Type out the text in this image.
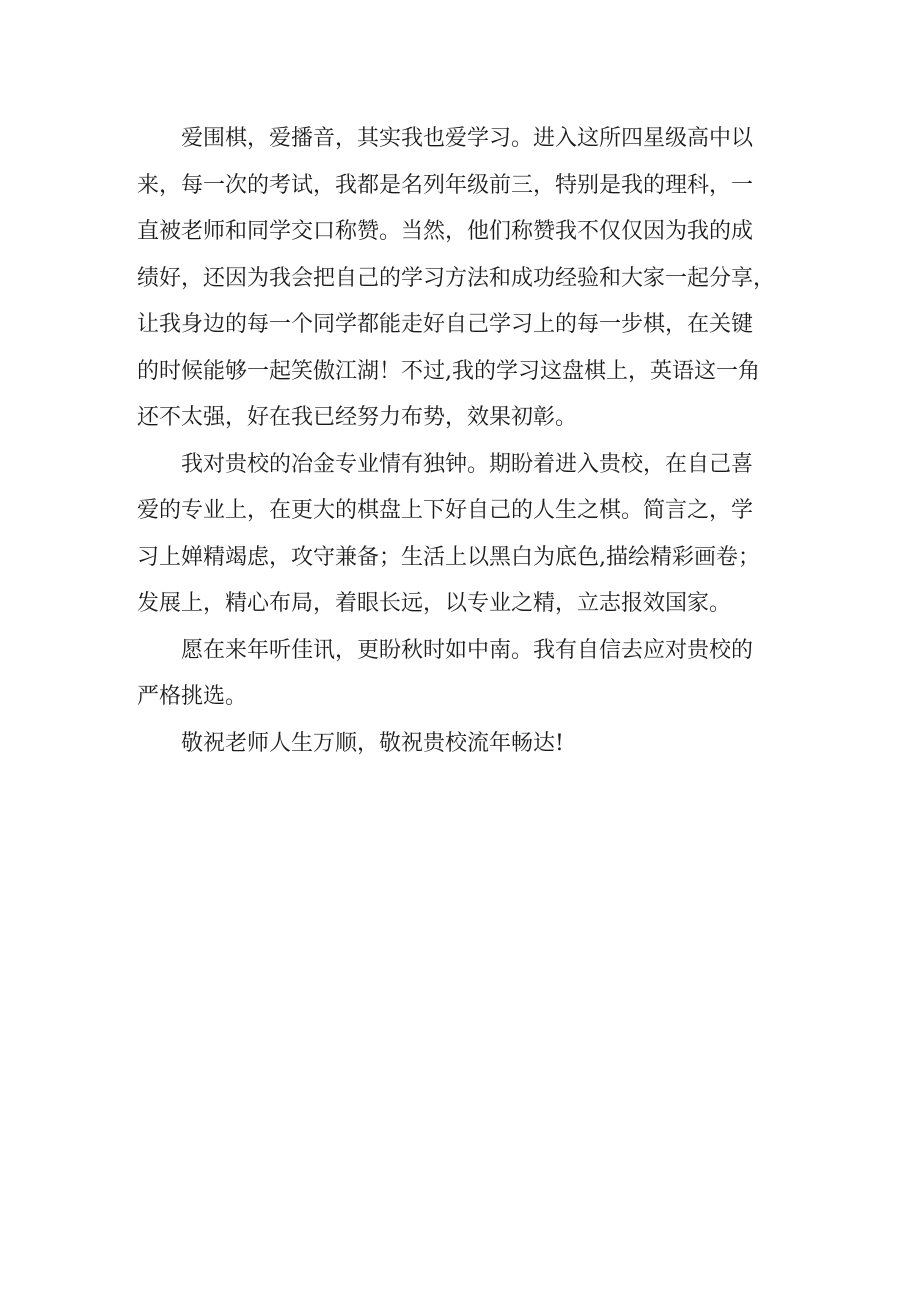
爱围棋，爱播音，其实我也爱学习。进入这所四星级高中以
来，每一次的考试，我都是名列年级前三，特别是我的理科，一
直被老师和同学交口称赞。当然，他们称赞我不仅仅因为我的成
绩好，还因为我会把自己的学习方法和成功经验和大家一起分享，
让我身边的每一个同学都能走好自己学习上的每一步棋，在关键
的时候能够一起笑傲江湖！不过,我的学习这盘棋上，英语这一角
还不太强，好在我已经努力布势，效果初彰。

我对贵校的冶金专业情有独钟。期盼着进入贵校，在自己喜
爱的专业上，在更大的棋盘上下好自己的人生之棋。简言之，学
习上婵精竭虑，攻守兼备；生活上以黑白为底色,描绘精彩画卷；
发展上，精心布局，着眼长远，以专业之精，立志报效国家。

愿在来年听佳讯，更盼秋时如中南。我有自信去应对贵校的
严格挑选。

敬祝老师人生万顺，敬祝贵校流年畅达!
